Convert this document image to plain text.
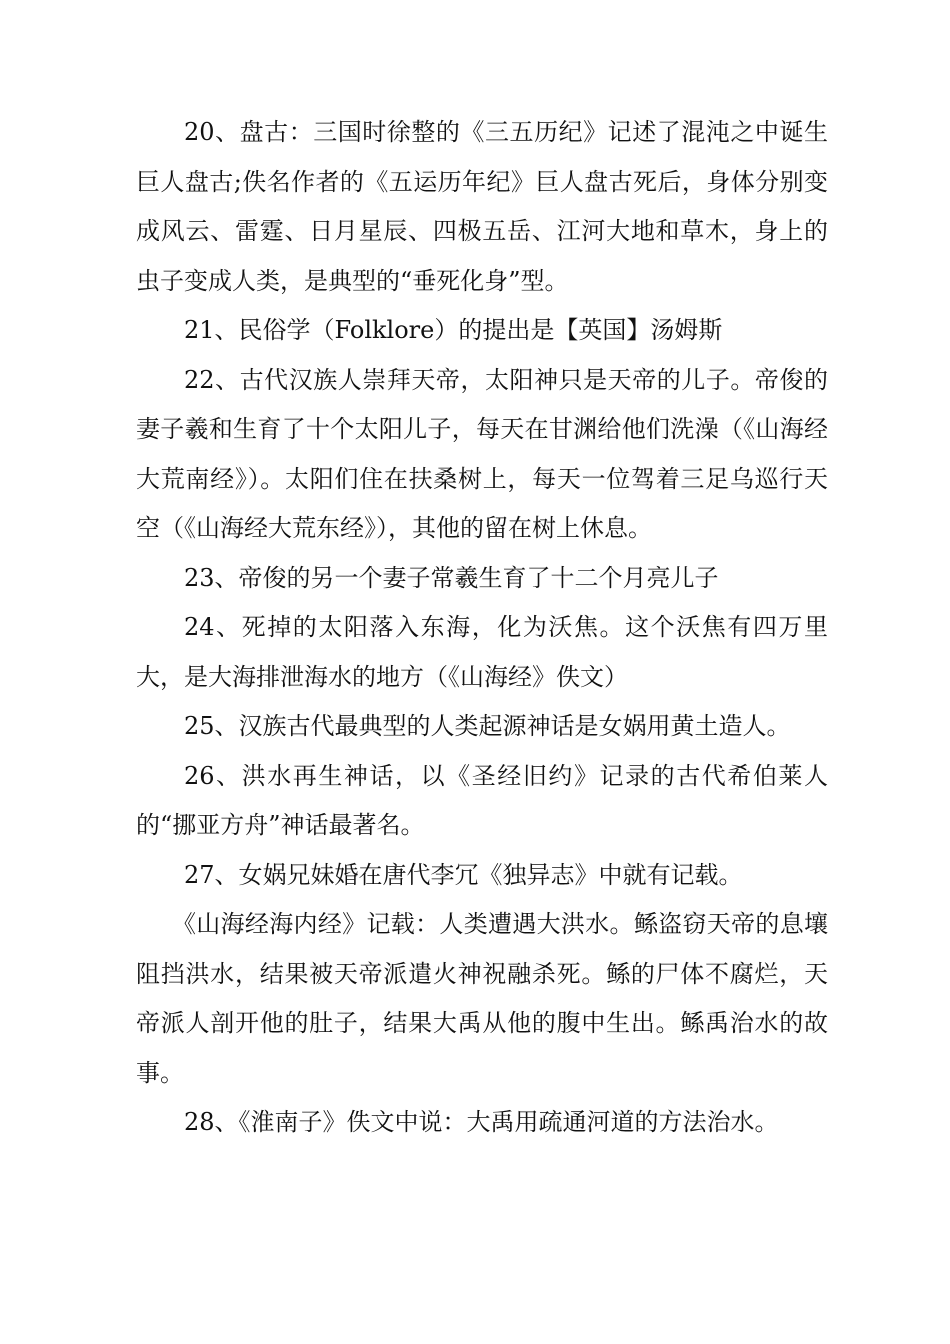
20、盘古：三国时徐整的《三五历纪》记述了混沌之中诞生巨人盘古;佚名作者的《五运历年纪》巨人盘古死后，身体分别变成风云、雷霆、日月星辰、四极五岳、江河大地和草木，身上的虫子变成人类，是典型的“垂死化身”型。

21、民俗学（Folklore）的提出是【英国】汤姆斯

22、古代汉族人崇拜天帝，太阳神只是天帝的儿子。帝俊的妻子羲和生育了十个太阳儿子，每天在甘渊给他们洗澡（《山海经大荒南经》）。太阳们住在扶桑树上，每天一位驾着三足乌巡行天空（《山海经大荒东经》），其他的留在树上休息。

23、帝俊的另一个妻子常羲生育了十二个月亮儿子

24、死掉的太阳落入东海，化为沃焦。这个沃焦有四万里大，是大海排泄海水的地方（《山海经》佚文）

25、汉族古代最典型的人类起源神话是女娲用黄土造人。

26、洪水再生神话，以《圣经旧约》记录的古代希伯莱人的“挪亚方舟”神话最著名。

27、女娲兄妹婚在唐代李冗《独异志》中就有记载。

《山海经海内经》记载：人类遭遇大洪水。鲧盗窃天帝的息壤阻挡洪水，结果被天帝派遣火神祝融杀死。鲧的尸体不腐烂，天帝派人剖开他的肚子，结果大禹从他的腹中生出。鲧禹治水的故事。

28、《淮南子》佚文中说：大禹用疏通河道的方法治水。
